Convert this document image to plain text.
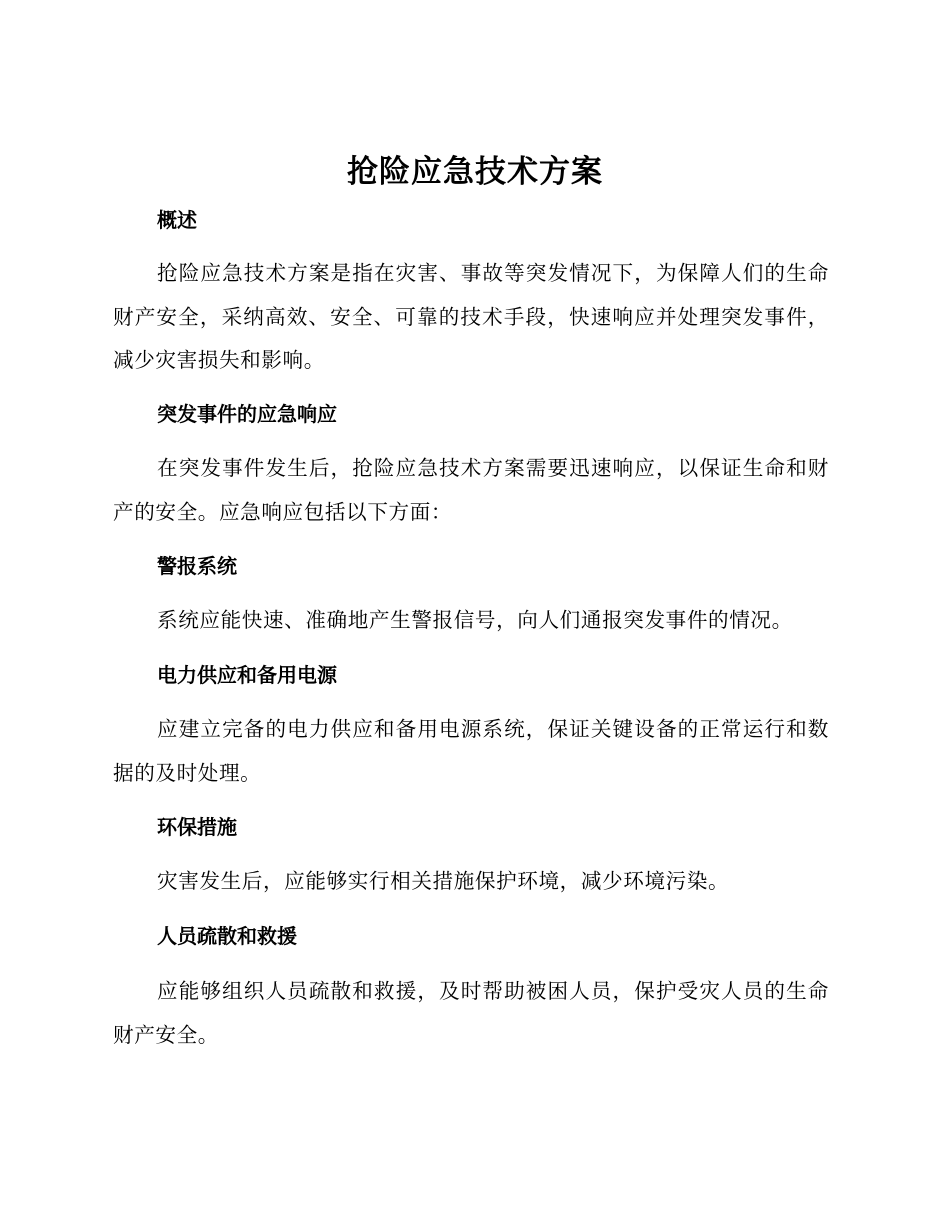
抢险应急技术方案
概述
抢险应急技术方案是指在灾害、事故等突发情况下，为保障人们的生命财产安全，采纳高效、安全、可靠的技术手段，快速响应并处理突发事件，减少灾害损失和影响。
突发事件的应急响应
在突发事件发生后，抢险应急技术方案需要迅速响应，以保证生命和财产的安全。应急响应包括以下方面：
警报系统
系统应能快速、准确地产生警报信号，向人们通报突发事件的情况。
电力供应和备用电源
应建立完备的电力供应和备用电源系统，保证关键设备的正常运行和数据的及时处理。
环保措施
灾害发生后，应能够实行相关措施保护环境，减少环境污染。
人员疏散和救援
应能够组织人员疏散和救援，及时帮助被困人员，保护受灾人员的生命财产安全。
